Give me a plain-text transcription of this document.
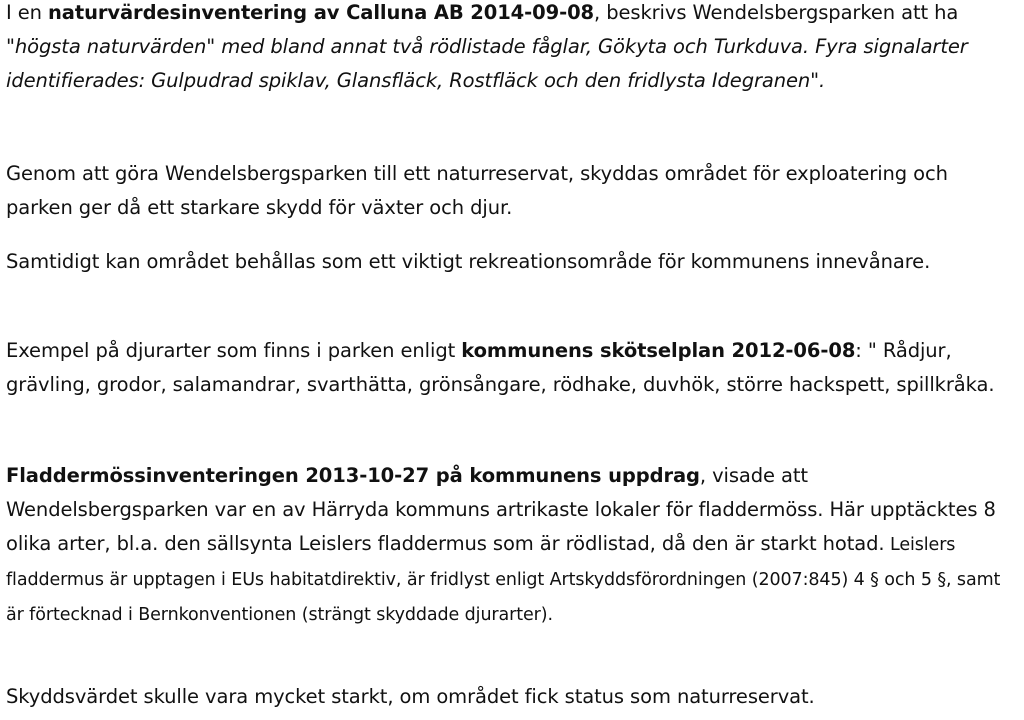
I en naturvärdesinventering av Calluna AB 2014-09-08, beskrivs Wendelsbergsparken att ha
"högsta naturvärden" med bland annat två rödlistade fåglar, Gökyta och Turkduva. Fyra signalarter identifierades: Gulpudrad spiklav, Glansfläck, Rostfläck och den fridlysta Idegranen".

Genom att göra Wendelsbergsparken till ett naturreservat, skyddas området för exploatering och parken ger då ett starkare skydd för växter och djur.

Samtidigt kan området behållas som ett viktigt rekreationsområde för kommunens innevånare.

Exempel på djurarter som finns i parken enligt kommunens skötselplan 2012-06-08: " Rådjur, grävling, grodor, salamandrar, svarthätta, grönsångare, rödhake, duvhök, större hackspett, spillkråka.

Fladdermössinventeringen 2013-10-27 på kommunens uppdrag, visade att Wendelsbergsparken var en av Härryda kommuns artrikaste lokaler för fladdermöss. Här upptäcktes 8 olika arter, bl.a. den sällsynta Leislers fladdermus som är rödlistad, då den är starkt hotad. Leislers fladdermus är upptagen i EUs habitatdirektiv, är fridlyst enligt Artskyddsförordningen (2007:845) 4 § och 5 §, samt är förtecknad i Bernkonventionen (strängt skyddade djurarter).

Skyddsvärdet skulle vara mycket starkt, om området fick status som naturreservat.
